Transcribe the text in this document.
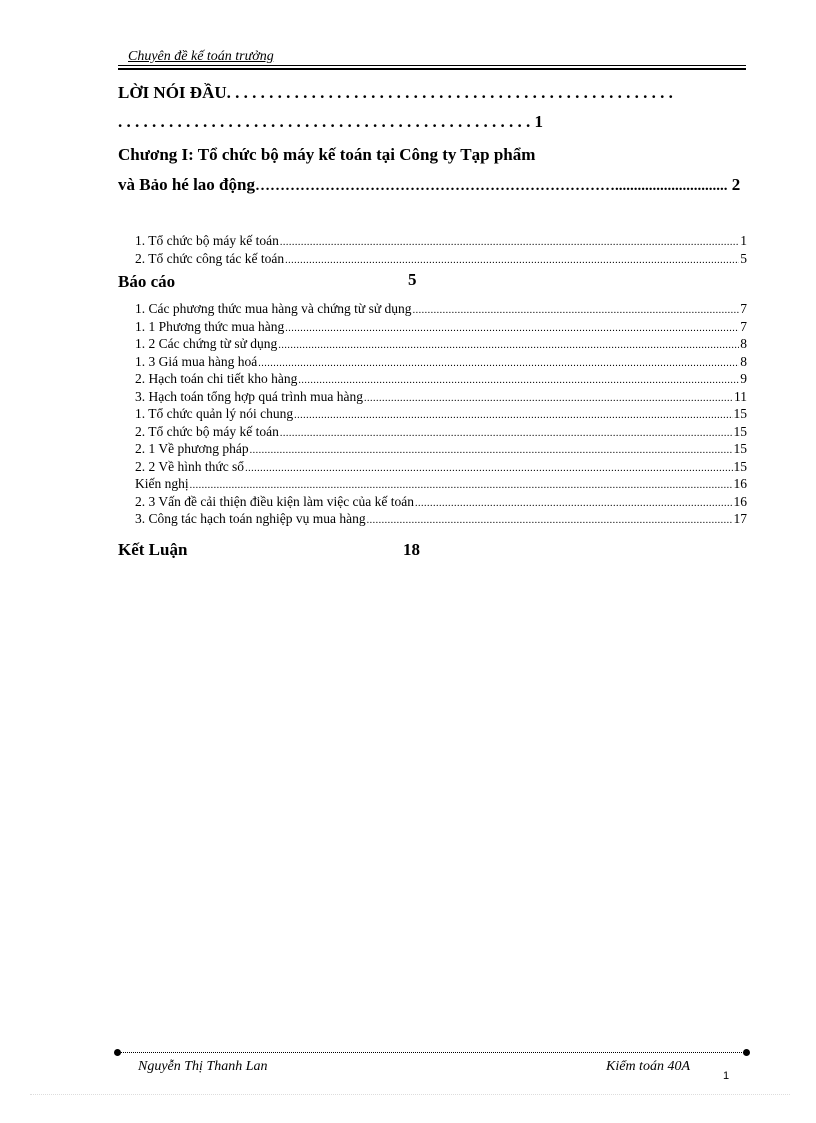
Chuyên đề kế toán trưởng
LỜI NÓI ĐẦU. . . . . . . . . . . . . . . . . . . . . . . . . . . . . . . . . . . . . . . . . . . . . . . . . . . . .
. . . . . . . . . . . . . . . . . . . . . . . . . . . . . . . . . . . . . . . . . . . . . . . . . 1
Chương I: Tổ chức bộ máy kế toán tại Công ty Tạp phẩm
và Bảo hé lao động……………………………………………………………….............................. 2
1. Tổ chức bộ máy kế toán .....	1
2. Tổ chức công tác kế toán .....	5
Báo cáo	5
1. Các phương thức mua hàng và chứng từ sử dụng .....	7
1. 1 Phương thức mua hàng .....	7
1. 2 Các chứng từ sử dụng .....	8
1. 3 Giá mua hàng hoá .....	8
2. Hạch toán chi tiết kho hàng .....	9
3. Hạch toán tổng hợp quá trình mua hàng .....	11
1. Tổ chức quản lý nói chung .....	15
2. Tổ chức bộ máy kế toán .....	15
2. 1 Về phương pháp .....	15
2. 2 Về hình thức sổ .....	15
Kiến nghị .....	16
2. 3 Vấn đề cải thiện điều kiện làm việc của kế toán .....	16
3. Công tác hạch toán nghiệp vụ mua hàng .....	17
Kết Luận	18
Nguyễn Thị Thanh Lan	Kiểm toán 40A
1
